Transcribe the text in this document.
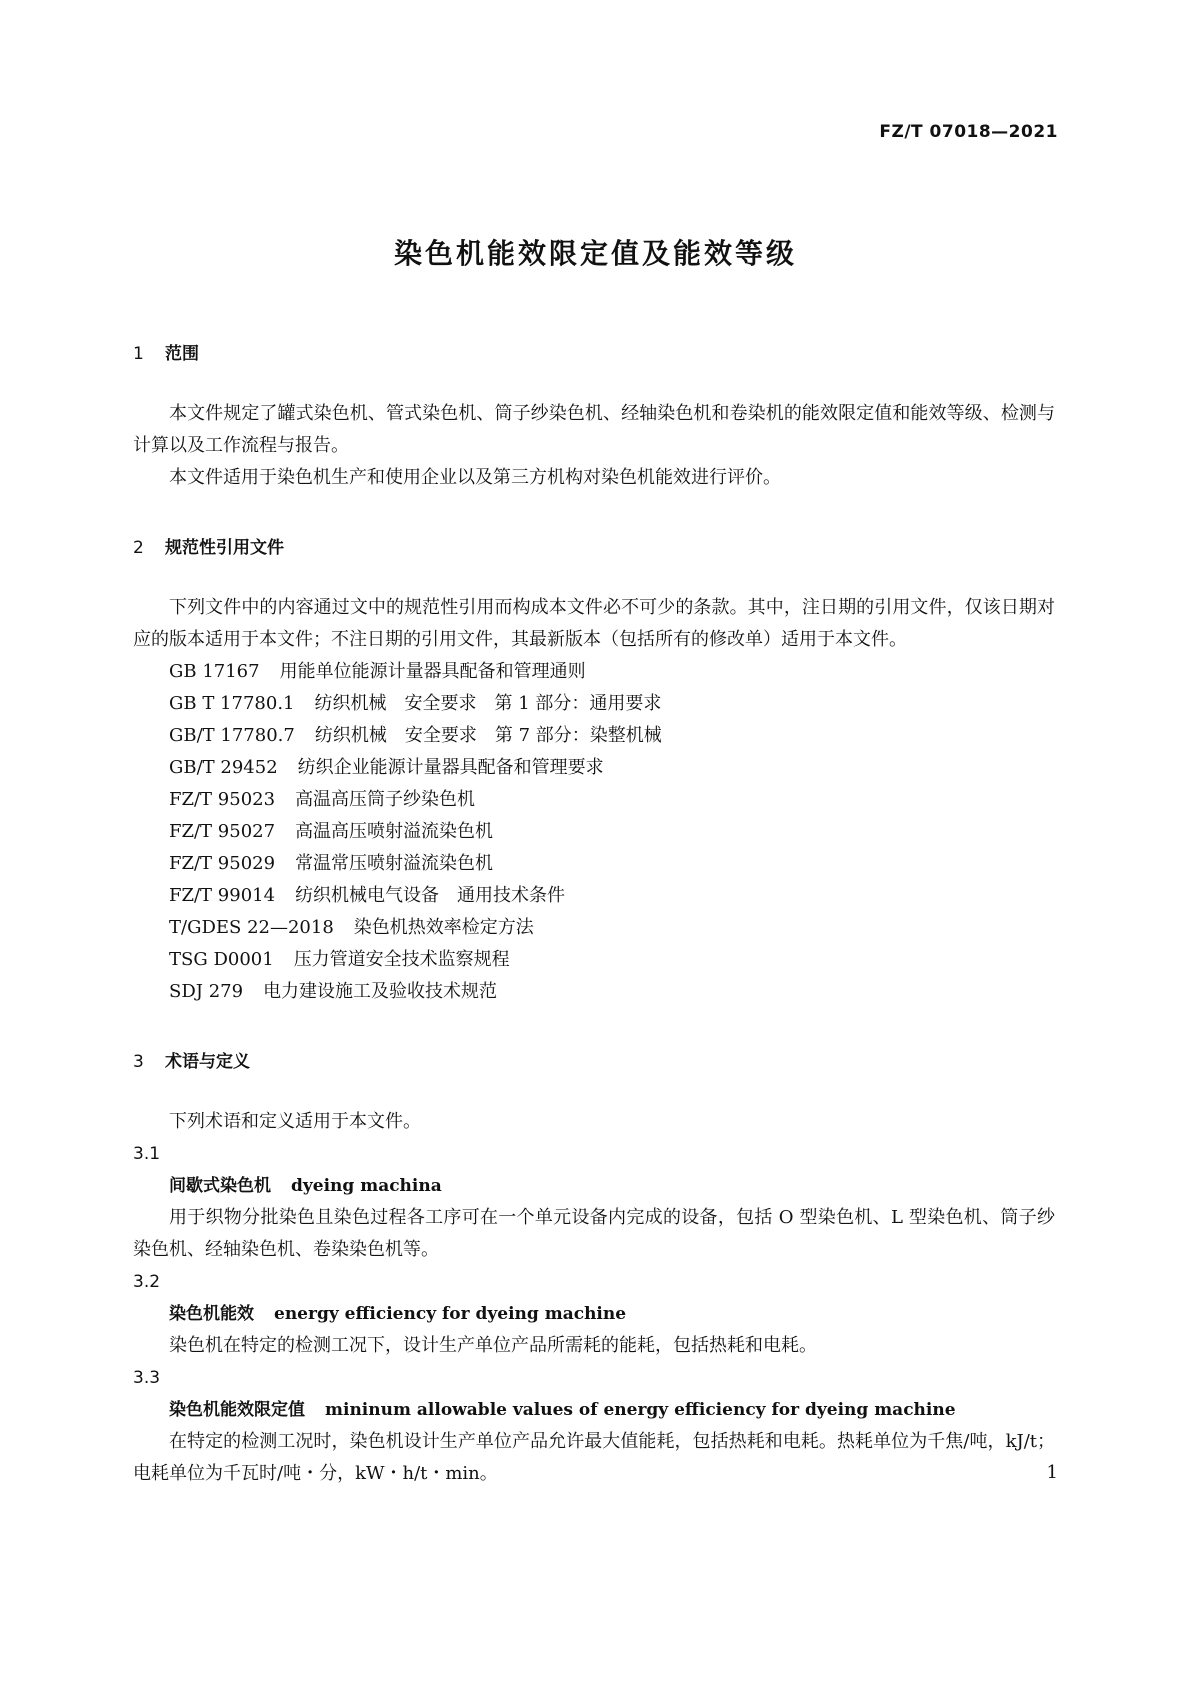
FZ/T 07018—2021
染色机能效限定值及能效等级
1 范围

本文件规定了罐式染色机、管式染色机、筒子纱染色机、经轴染色机和卷染机的能效限定值和能效等级、检测与计算以及工作流程与报告。

本文件适用于染色机生产和使用企业以及第三方机构对染色机能效进行评价。

2 规范性引用文件

下列文件中的内容通过文中的规范性引用而构成本文件必不可少的条款。其中，注日期的引用文件，仅该日期对应的版本适用于本文件；不注日期的引用文件，其最新版本（包括所有的修改单）适用于本文件。

GB 17167 用能单位能源计量器具配备和管理通则

GB T 17780.1 纺织机械　安全要求　第 1 部分：通用要求

GB/T 17780.7 纺织机械　安全要求　第 7 部分：染整机械

GB/T 29452 纺织企业能源计量器具配备和管理要求

FZ/T 95023 高温高压筒子纱染色机

FZ/T 95027 高温高压喷射溢流染色机

FZ/T 95029 常温常压喷射溢流染色机

FZ/T 99014 纺织机械电气设备　通用技术条件

T/GDES 22—2018 染色机热效率检定方法

TSG D0001 压力管道安全技术监察规程

SDJ 279 电力建设施工及验收技术规范

3 术语与定义

下列术语和定义适用于本文件。

3.1

间歇式染色机 dyeing machina

用于织物分批染色且染色过程各工序可在一个单元设备内完成的设备，包括 O 型染色机、L 型染色机、筒子纱染色机、经轴染色机、卷染染色机等。

3.2

染色机能效 energy efficiency for dyeing machine

染色机在特定的检测工况下，设计生产单位产品所需耗的能耗，包括热耗和电耗。

3.3

染色机能效限定值 mininum allowable values of energy efficiency for dyeing machine

在特定的检测工况时，染色机设计生产单位产品允许最大值能耗，包括热耗和电耗。热耗单位为千焦/吨，kJ/t；电耗单位为千瓦时/吨・分，kW・h/t・min。	1
